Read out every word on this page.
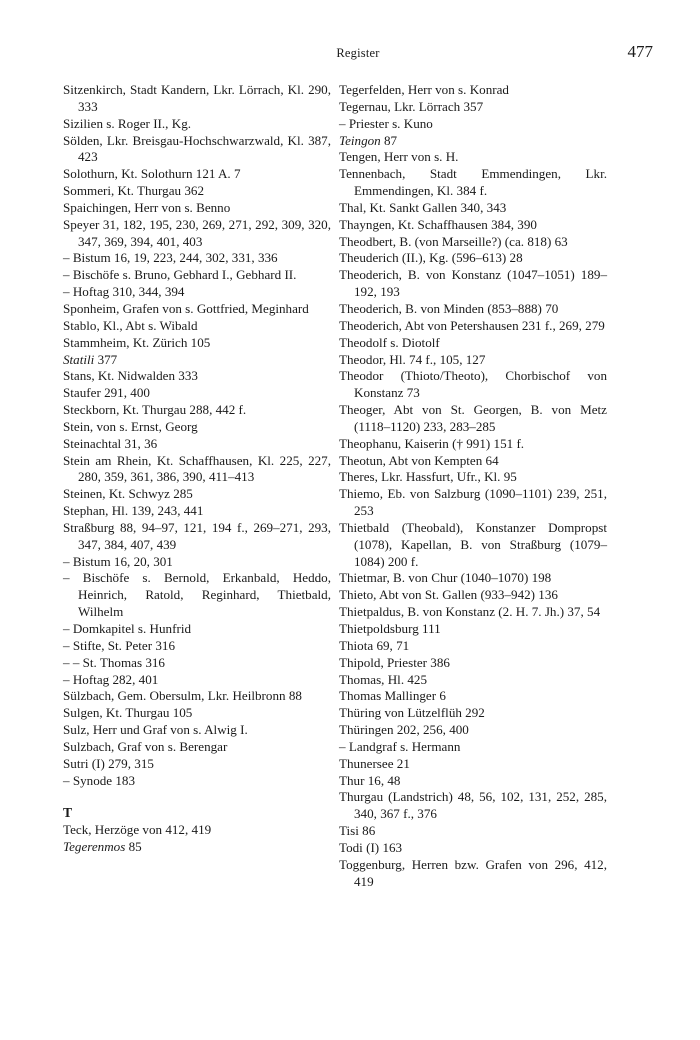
Register	477
Sitzenkirch, Stadt Kandern, Lkr. Lörrach, Kl. 290, 333
Sizilien s. Roger II., Kg.
Sölden, Lkr. Breisgau-Hochschwarzwald, Kl. 387, 423
Solothurn, Kt. Solothurn 121 A. 7
Sommeri, Kt. Thurgau 362
Spaichingen, Herr von s. Benno
Speyer 31, 182, 195, 230, 269, 271, 292, 309, 320, 347, 369, 394, 401, 403
– Bistum 16, 19, 223, 244, 302, 331, 336
– Bischöfe s. Bruno, Gebhard I., Gebhard II.
– Hoftag 310, 344, 394
Sponheim, Grafen von s. Gottfried, Meginhard
Stablo, Kl., Abt s. Wibald
Stammheim, Kt. Zürich 105
Statili 377
Stans, Kt. Nidwalden 333
Staufer 291, 400
Steckborn, Kt. Thurgau 288, 442 f.
Stein, von s. Ernst, Georg
Steinachtal 31, 36
Stein am Rhein, Kt. Schaffhausen, Kl. 225, 227, 280, 359, 361, 386, 390, 411–413
Steinen, Kt. Schwyz 285
Stephan, Hl. 139, 243, 441
Straßburg 88, 94–97, 121, 194 f., 269–271, 293, 347, 384, 407, 439
– Bistum 16, 20, 301
– Bischöfe s. Bernold, Erkanbald, Heddo, Heinrich, Ratold, Reginhard, Thietbald, Wilhelm
– Domkapitel s. Hunfrid
– Stifte, St. Peter 316
– – St. Thomas 316
– Hoftag 282, 401
Sülzbach, Gem. Obersulm, Lkr. Heilbronn 88
Sulgen, Kt. Thurgau 105
Sulz, Herr und Graf von s. Alwig I.
Sulzbach, Graf von s. Berengar
Sutri (I) 279, 315
– Synode 183
T
Teck, Herzöge von 412, 419
Tegerenmos 85
Tegerfelden, Herr von s. Konrad
Tegernau, Lkr. Lörrach 357
– Priester s. Kuno
Teingon 87
Tengen, Herr von s. H.
Tennenbach, Stadt Emmendingen, Lkr. Emmendingen, Kl. 384 f.
Thal, Kt. Sankt Gallen 340, 343
Thayngen, Kt. Schaffhausen 384, 390
Theodbert, B. (von Marseille?) (ca. 818) 63
Theuderich (II.), Kg. (596–613) 28
Theoderich, B. von Konstanz (1047–1051) 189–192, 193
Theoderich, B. von Minden (853–888) 70
Theoderich, Abt von Petershausen 231 f., 269, 279
Theodolf s. Diotolf
Theodor, Hl. 74 f., 105, 127
Theodor (Thioto/Theoto), Chorbischof von Konstanz 73
Theoger, Abt von St. Georgen, B. von Metz (1118–1120) 233, 283–285
Theophanu, Kaiserin († 991) 151 f.
Theotun, Abt von Kempten 64
Theres, Lkr. Hassfurt, Ufr., Kl. 95
Thiemo, Eb. von Salzburg (1090–1101) 239, 251, 253
Thietbald (Theobald), Konstanzer Dompropst (1078), Kapellan, B. von Straßburg (1079–1084) 200 f.
Thietmar, B. von Chur (1040–1070) 198
Thieto, Abt von St. Gallen (933–942) 136
Thietpaldus, B. von Konstanz (2. H. 7. Jh.) 37, 54
Thietpoldsburg 111
Thiota 69, 71
Thipold, Priester 386
Thomas, Hl. 425
Thomas Mallinger 6
Thüring von Lützelflüh 292
Thüringen 202, 256, 400
– Landgraf s. Hermann
Thunersee 21
Thur 16, 48
Thurgau (Landstrich) 48, 56, 102, 131, 252, 285, 340, 367 f., 376
Tisi 86
Todi (I) 163
Toggenburg, Herren bzw. Grafen von 296, 412, 419
